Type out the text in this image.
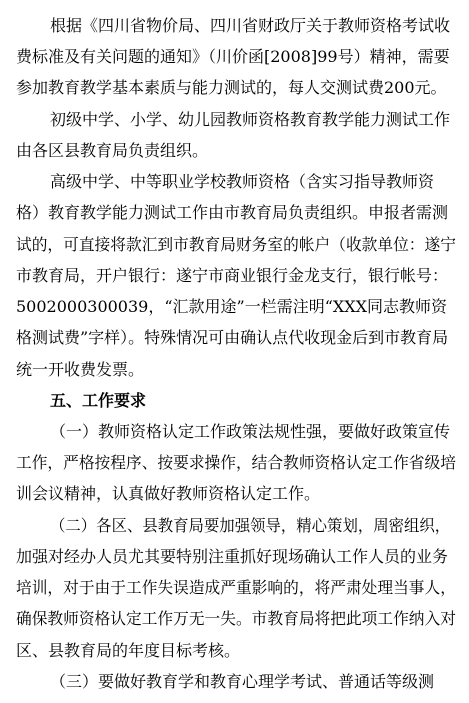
根据《四川省物价局、四川省财政厅关于教师资格考试收
费标准及有关问题的通知》（川价函[2008]99号）精神，需要
参加教育教学基本素质与能力测试的，每人交测试费200元。
初级中学、小学、幼儿园教师资格教育教学能力测试工作
由各区县教育局负责组织。
高级中学、中等职业学校教师资格（含实习指导教师资
格）教育教学能力测试工作由市教育局负责组织。申报者需测
试的，可直接将款汇到市教育局财务室的帐户（收款单位：遂宁
市教育局，开户银行：遂宁市商业银行金龙支行，银行帐号：
5002000300039，“汇款用途”一栏需注明“XXX同志教师资
格测试费”字样）。特殊情况可由确认点代收现金后到市教育局
统一开收费发票。
五、工作要求
（一）教师资格认定工作政策法规性强，要做好政策宣传
工作，严格按程序、按要求操作，结合教师资格认定工作省级培
训会议精神，认真做好教师资格认定工作。
（二）各区、县教育局要加强领导，精心策划，周密组织，
加强对经办人员尤其要特别注重抓好现场确认工作人员的业务
培训，对于由于工作失误造成严重影响的，将严肃处理当事人，
确保教师资格认定工作万无一失。市教育局将把此项工作纳入对
区、县教育局的年度目标考核。
（三）要做好教育学和教育心理学考试、普通话等级测
